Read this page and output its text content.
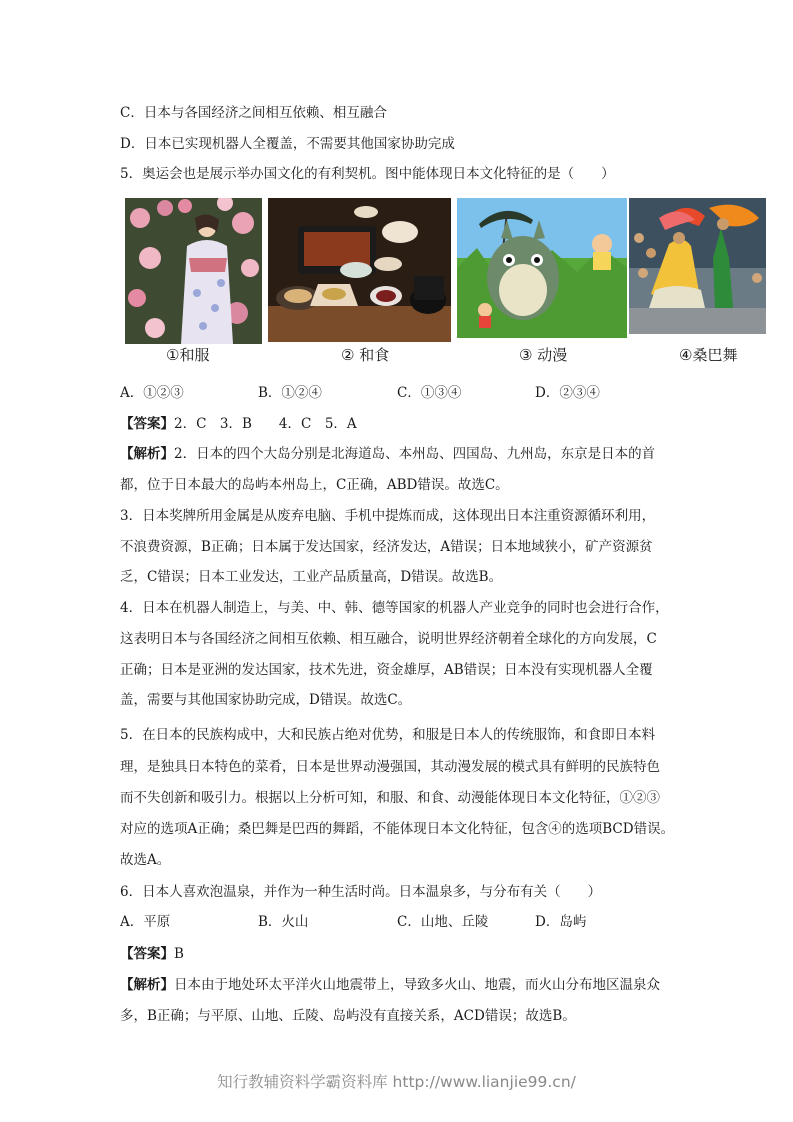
C．日本与各国经济之间相互依赖、相互融合
D．日本已实现机器人全覆盖，不需要其他国家协助完成
5．奥运会也是展示举办国文化的有利契机。图中能体现日本文化特征的是（　　）
①和服	② 和食	③ 动漫	④桑巴舞
A．①②③	B．①②④	C．①③④	D．②③④
【答案】2．C　3．B　　4．C　5．A
【解析】2．日本的四个大岛分别是北海道岛、本州岛、四国岛、九州岛，东京是日本的首
都，位于日本最大的岛屿本州岛上，C正确，ABD错误。故选C。
3．日本奖牌所用金属是从废弃电脑、手机中提炼而成，这体现出日本注重资源循环利用，
不浪费资源，B正确；日本属于发达国家，经济发达，A错误；日本地域狭小，矿产资源贫
乏，C错误；日本工业发达，工业产品质量高，D错误。故选B。
4．日本在机器人制造上，与美、中、韩、德等国家的机器人产业竞争的同时也会进行合作，
这表明日本与各国经济之间相互依赖、相互融合，说明世界经济朝着全球化的方向发展，C
正确；日本是亚洲的发达国家，技术先进，资金雄厚，AB错误；日本没有实现机器人全覆
盖，需要与其他国家协助完成，D错误。故选C。
5．在日本的民族构成中，大和民族占绝对优势，和服是日本人的传统服饰，和食即日本料
理，是独具日本特色的菜肴，日本是世界动漫强国，其动漫发展的模式具有鲜明的民族特色
而不失创新和吸引力。根据以上分析可知，和服、和食、动漫能体现日本文化特征，①②③
对应的选项A正确；桑巴舞是巴西的舞蹈，不能体现日本文化特征，包含④的选项BCD错误。
故选A。
6．日本人喜欢泡温泉，并作为一种生活时尚。日本温泉多，与分布有关（　　）
A．平原	B．火山	C．山地、丘陵	D．岛屿
【答案】B
【解析】日本由于地处环太平洋火山地震带上，导致多火山、地震，而火山分布地区温泉众
多，B正确；与平原、山地、丘陵、岛屿没有直接关系，ACD错误；故选B。
知行教辅资料学霸资料库 http://www.lianjie99.cn/
